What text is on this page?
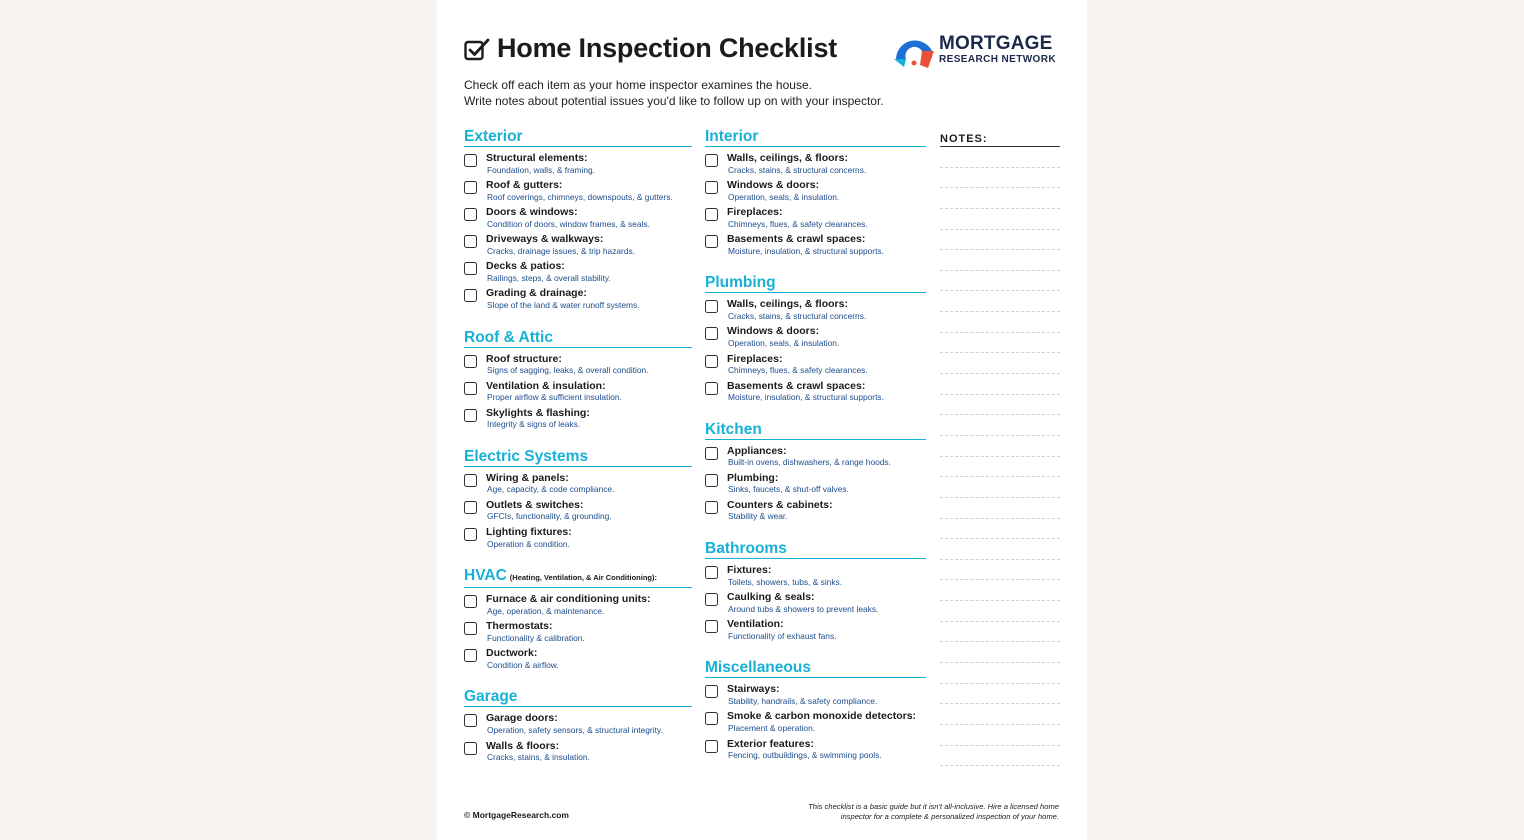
Home Inspection Checklist	MORTGAGE
RESEARCH NETWORK
Check off each item as your home inspector examines the house.
Write notes about potential issues you'd like to follow up on with your inspector.
Exterior
Structural elements:
Foundation, walls, & framing.
Roof & gutters:
Roof coverings, chimneys, downspouts, & gutters.
Doors & windows:
Condition of doors, window frames, & seals.
Driveways & walkways:
Cracks, drainage issues, & trip hazards.
Decks & patios:
Railings, steps, & overall stability.
Grading & drainage:
Slope of the land & water runoff systems.
Roof & Attic
Roof structure:
Signs of sagging, leaks, & overall condition.
Ventilation & insulation:
Proper airflow & sufficient insulation.
Skylights & flashing:
Integrity & signs of leaks.
Electric Systems
Wiring & panels:
Age, capacity, & code compliance.
Outlets & switches:
GFCIs, functionality, & grounding.
Lighting fixtures:
Operation & condition.
HVAC (Heating, Ventilation, & Air Conditioning):
Furnace & air conditioning units:
Age, operation, & maintenance.
Thermostats:
Functionality & calibration.
Ductwork:
Condition & airflow.
Garage
Garage doors:
Operation, safety sensors, & structural integrity.
Walls & floors:
Cracks, stains, & insulation.
Interior
Walls, ceilings, & floors:
Cracks, stains, & structural concerns.
Windows & doors:
Operation, seals, & insulation.
Fireplaces:
Chimneys, flues, & safety clearances.
Basements & crawl spaces:
Moisture, insulation, & structural supports.
Plumbing
Walls, ceilings, & floors:
Cracks, stains, & structural concerns.
Windows & doors:
Operation, seals, & insulation.
Fireplaces:
Chimneys, flues, & safety clearances.
Basements & crawl spaces:
Moisture, insulation, & structural supports.
Kitchen
Appliances:
Built-in ovens, dishwashers, & range hoods.
Plumbing:
Sinks, faucets, & shut-off valves.
Counters & cabinets:
Stability & wear.
Bathrooms
Fixtures:
Toilets, showers, tubs, & sinks.
Caulking & seals:
Around tubs & showers to prevent leaks.
Ventilation:
Functionality of exhaust fans.
Miscellaneous
Stairways:
Stability, handrails, & safety compliance.
Smoke & carbon monoxide detectors:
Placement & operation.
Exterior features:
Fencing, outbuildings, & swimming pools.
NOTES:
© MortgageResearch.com
This checklist is a basic guide but it isn't all-inclusive. Hire a licensed home
inspector for a complete & personalized inspection of your home.
